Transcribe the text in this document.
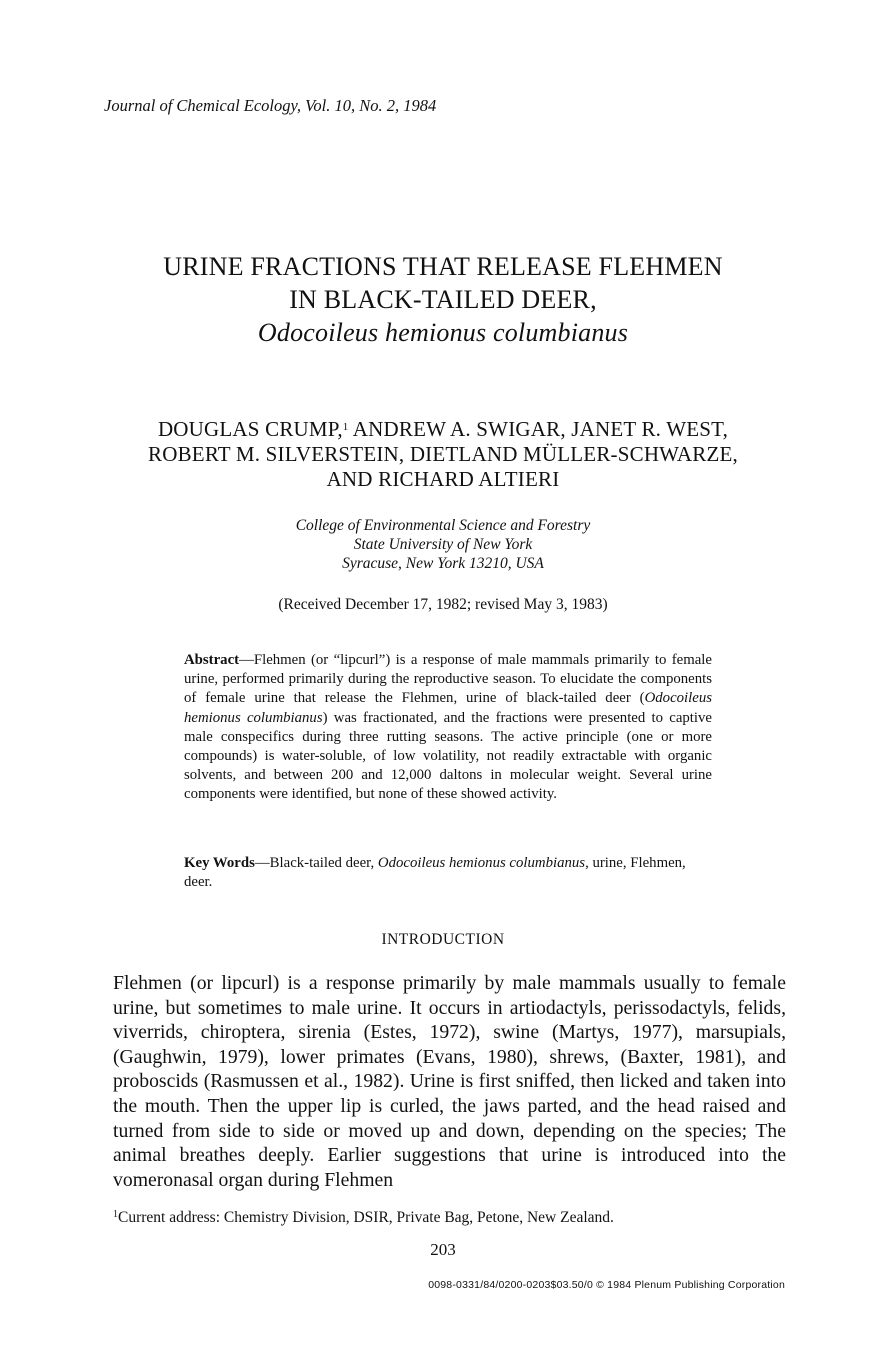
Journal of Chemical Ecology, Vol. 10, No. 2, 1984
URINE FRACTIONS THAT RELEASE FLEHMEN
IN BLACK-TAILED DEER,
Odocoileus hemionus columbianus
DOUGLAS CRUMP,$^1$ ANDREW A. SWIGAR, JANET R. WEST,
ROBERT M. SILVERSTEIN, DIETLAND MÜLLER-SCHWARZE,
AND RICHARD ALTIERI
College of Environmental Science and Forestry
State University of New York
Syracuse, New York 13210, USA
(Received December 17, 1982; revised May 3, 1983)
Abstract—Flehmen (or “lipcurl”) is a response of male mammals primarily to female urine, performed primarily during the reproductive season. To elucidate the components of female urine that release the Flehmen, urine of black-tailed deer (Odocoileus hemionus columbianus) was fractionated, and the fractions were presented to captive male conspecifics during three rutting seasons. The active principle (one or more compounds) is water-soluble, of low volatility, not readily extractable with organic solvents, and between 200 and 12,000 daltons in molecular weight. Several urine components were identified, but none of these showed activity.
Key Words—Black-tailed deer, Odocoileus hemionus columbianus, urine, Flehmen, deer.
INTRODUCTION
Flehmen (or lipcurl) is a response primarily by male mammals usually to female urine, but sometimes to male urine. It occurs in artiodactyls, perissodactyls, felids, viverrids, chiroptera, sirenia (Estes, 1972), swine (Martys, 1977), marsupials, (Gaughwin, 1979), lower primates (Evans, 1980), shrews, (Baxter, 1981), and proboscids (Rasmussen et al., 1982). Urine is first sniffed, then licked and taken into the mouth. Then the upper lip is curled, the jaws parted, and the head raised and turned from side to side or moved up and down, depending on the species; The animal breathes deeply. Earlier suggestions that urine is introduced into the vomeronasal organ during Flehmen
$^1$Current address: Chemistry Division, DSIR, Private Bag, Petone, New Zealand.
203
0098-0331/84/0200-0203$03.50/0 © 1984 Plenum Publishing Corporation
